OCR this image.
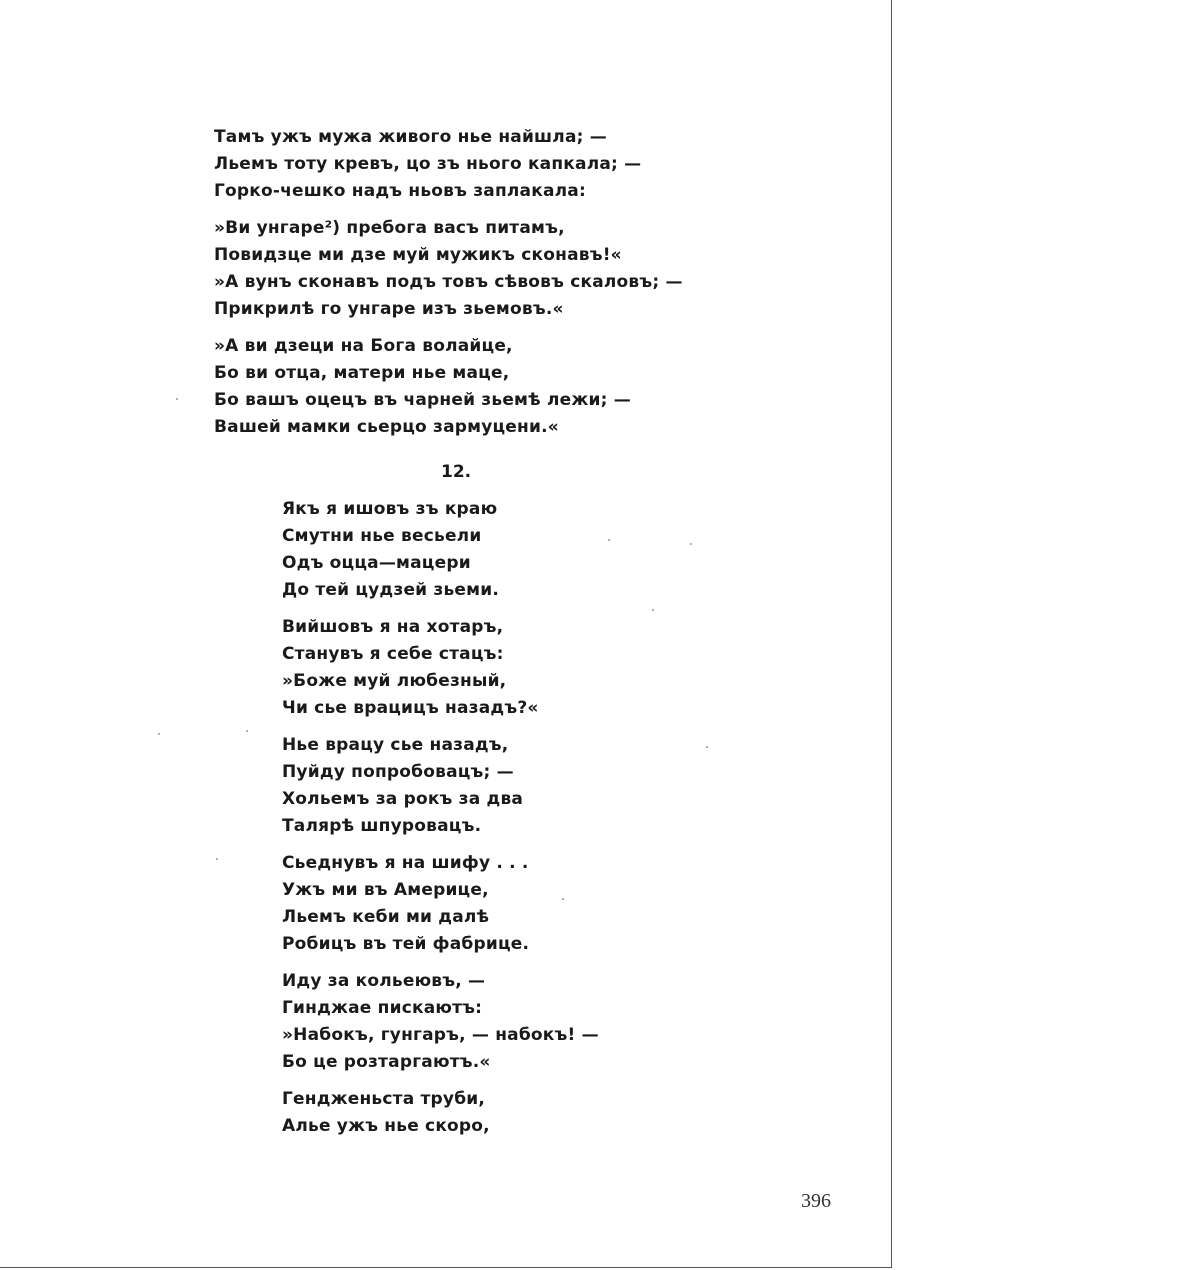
Тамъ ужъ мужа живого ньe найшла; —
Льемъ тоту кревъ, цо зъ нього капкала; —
Горко-чешко надъ ньовъ заплакала:
»Ви унгаре²) пребога васъ питамъ,
Повидзце ми дзе муй мужикъ сконавъ!«
»А вунъ сконавъ подъ товъ сѣвовъ скаловъ; —
Прикрилѣ го унгаре изъ зьемовъ.«
»А ви дзеци на Бога волайце,
Бо ви отца, матери ньe маце,
Бо вашъ оцецъ въ чарней зьемѣ лежи; —
Вашей мамки сьерцо зармуцени.«
12.
Якъ я ишовъ зъ краю
Смутни ньe весьели
Одъ оцца—мацери
До тей цудзей зьеми.
Вийшовъ я на хотаръ,
Станувъ я себе стацъ:
»Боже муй любезный,
Чи сье врацицъ назадъ?«
Ньe врацу сье назадъ,
Пуйду попробовацъ; —
Хольемъ за рокъ за два
Талярѣ шпуровацъ.
Сьеднувъ я на шифу . . .
Ужъ ми въ Америце,
Льемъ кеби ми далѣ
Робицъ въ тей фабрице.
Иду за кольеювъ, —
Гинджае пискаютъ:
»Набокъ, гунгаръ, — набокъ! —
Бо це розтаргаютъ.«
Гендженьста труби,
Алье ужъ ньe скоро,
396
